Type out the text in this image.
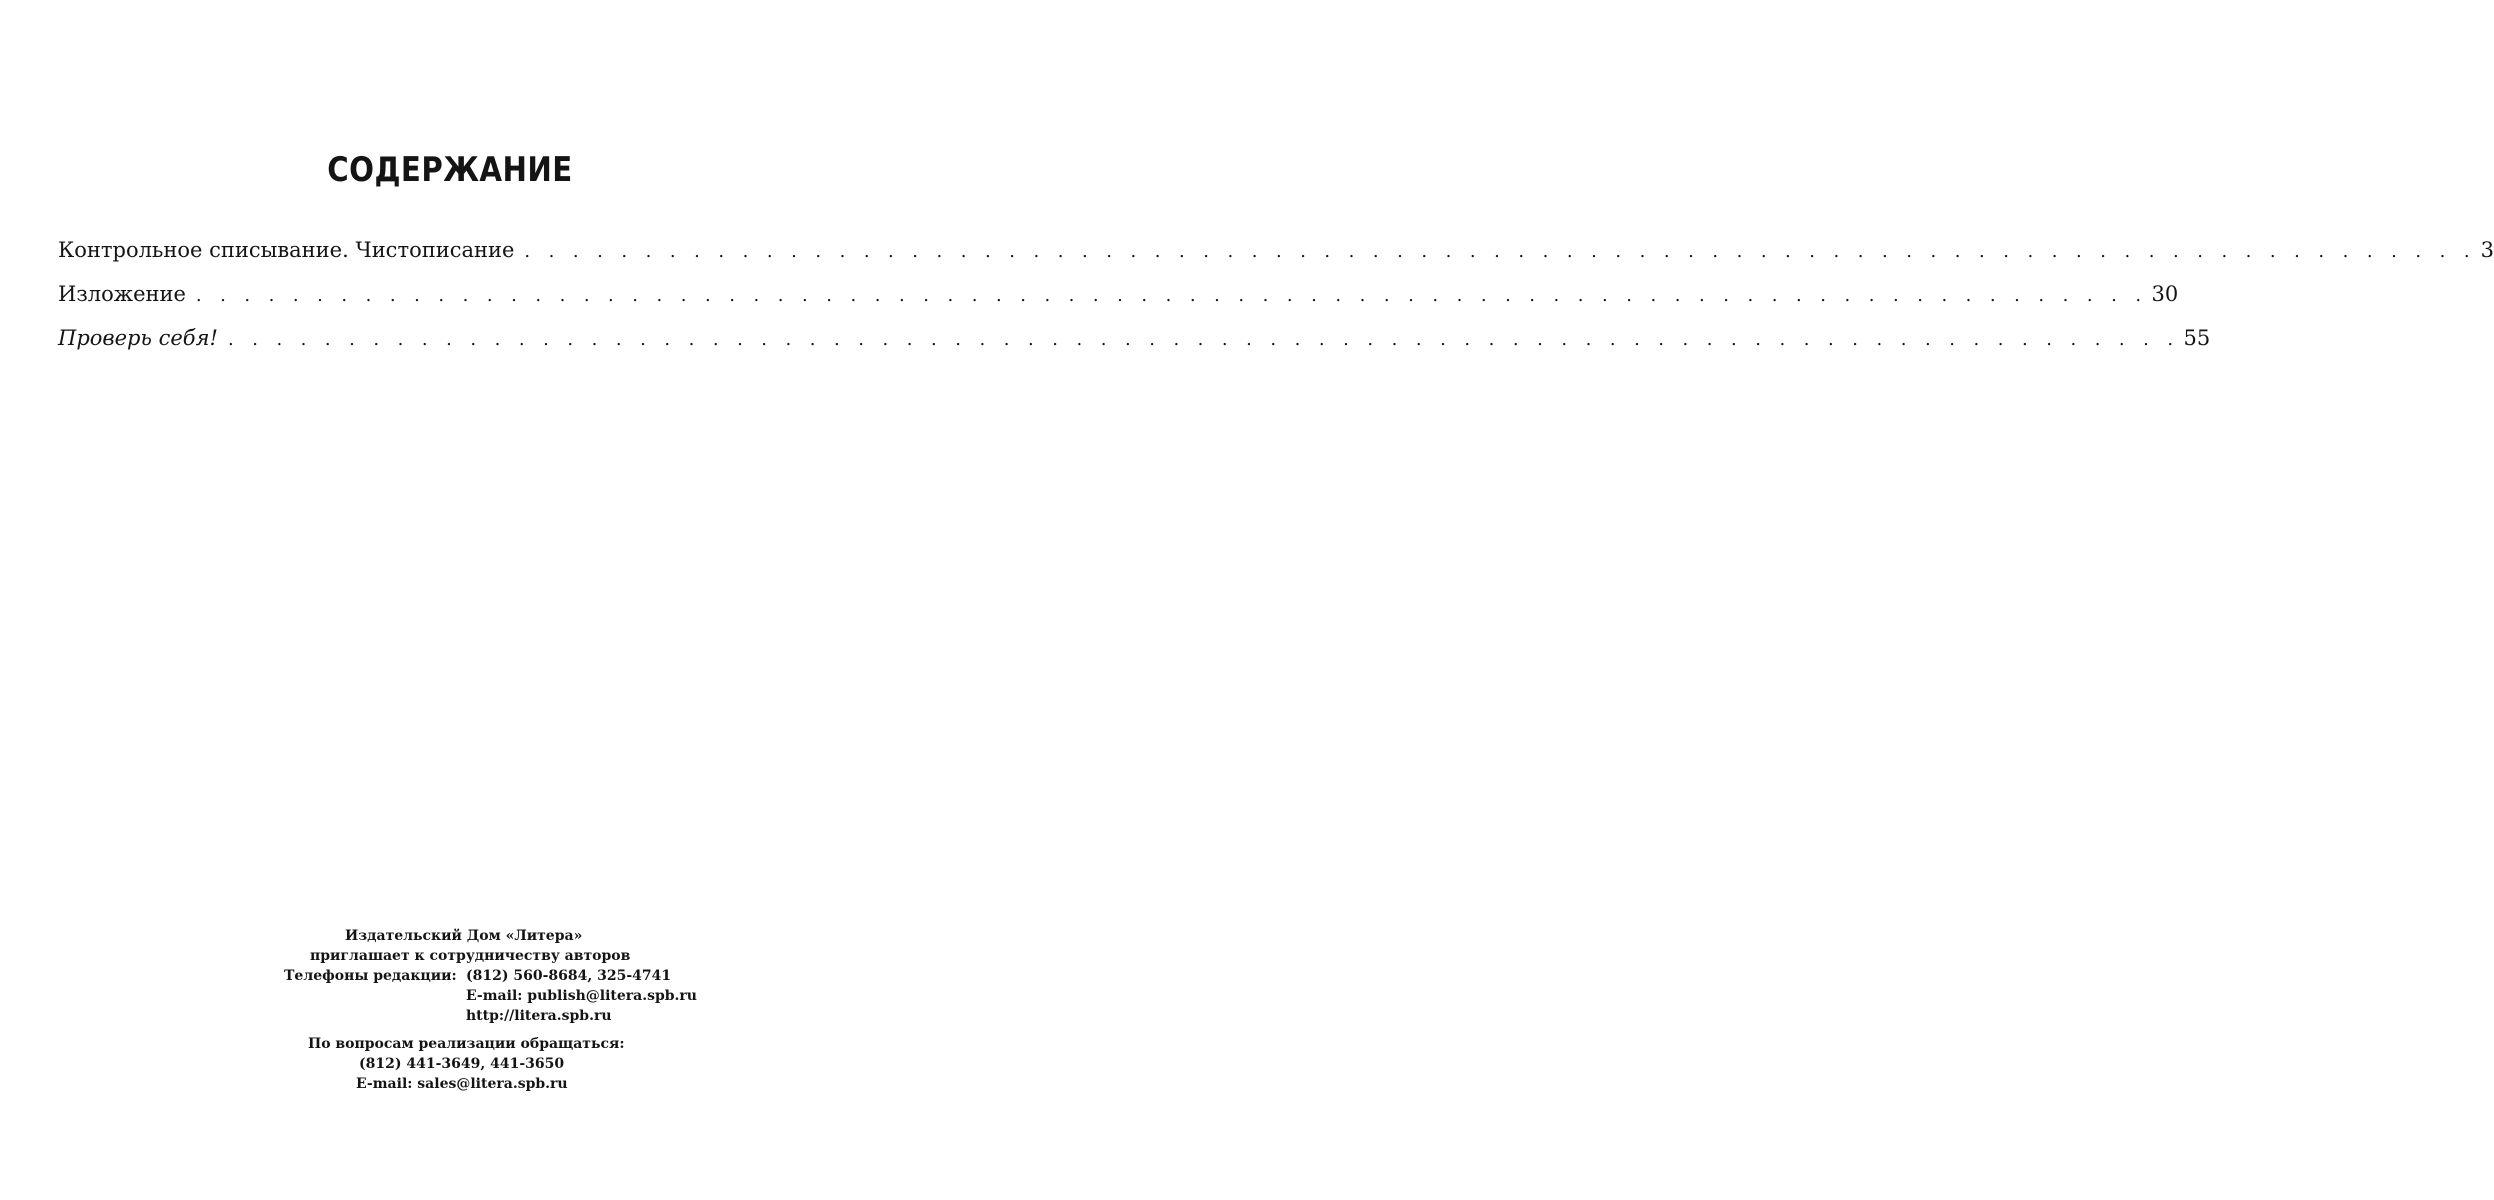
СОДЕРЖАНИЕ
Контрольное списывание. Чистописание . . . . . . . . . . . . . . . . . . . . . . . . . . . . . . . . . . . . . . . . . . . . . . . . . . . . . . . . . . . . . . . . . . . . . . . . . . . . . . . . . 3
Изложение . . . . . . . . . . . . . . . . . . . . . . . . . . . . . . . . . . . . . . . . . . . . . . . . . . . . . . . . . . . . . . . . . . . . . . . . . . . . . . . . . 30
Проверь себя! . . . . . . . . . . . . . . . . . . . . . . . . . . . . . . . . . . . . . . . . . . . . . . . . . . . . . . . . . . . . . . . . . . . . . . . . . . . . . . . . . 55
Издательский Дом «Литера»
приглашает к сотрудничеству авторов
Телефоны редакции: (812) 560-8684, 325-4741
E-mail: publish@litera.spb.ru
http://litera.spb.ru
По вопросам реализации обращаться:
(812) 441-3649, 441-3650
E-mail: sales@litera.spb.ru
